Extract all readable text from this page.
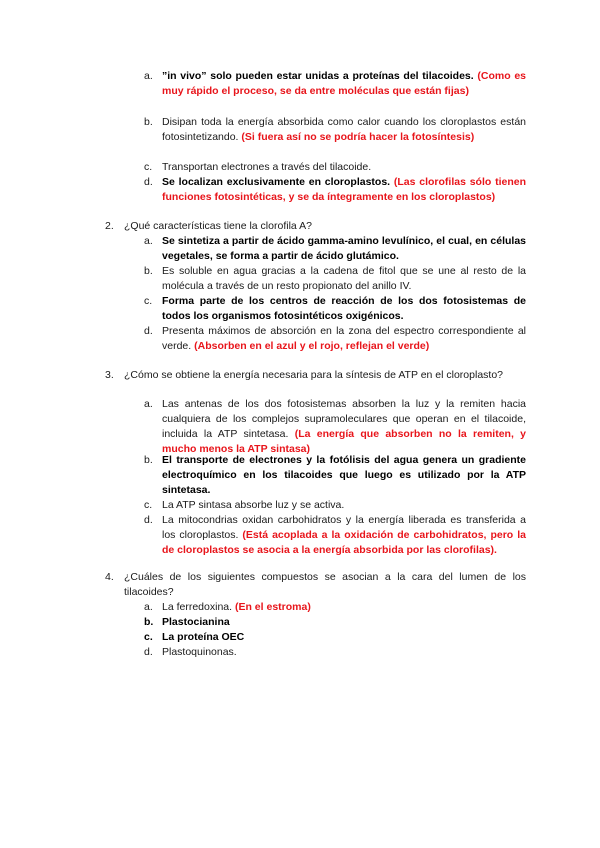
a. ”in vivo” solo pueden estar unidas a proteínas del tilacoides. (Como es muy rápido el proceso, se da entre moléculas que están fijas)
b. Disipan toda la energía absorbida como calor cuando los cloroplastos están fotosintetizando. (Si fuera así no se podría hacer la fotosíntesis)
c. Transportan electrones a través del tilacoide.
d. Se localizan exclusivamente en cloroplastos. (Las clorofilas sólo tienen funciones fotosintéticas, y se da íntegramente en los cloroplastos)
2. ¿Qué características tiene la clorofila A?
a. Se sintetiza a partir de ácido gamma-amino levulínico, el cual, en células vegetales, se forma a partir de ácido glutámico.
b. Es soluble en agua gracias a la cadena de fitol que se une al resto de la molécula a través de un resto propionato del anillo IV.
c. Forma parte de los centros de reacción de los dos fotosistemas de todos los organismos fotosintéticos oxigénicos.
d. Presenta máximos de absorción en la zona del espectro correspondiente al verde. (Absorben en el azul y el rojo, reflejan el verde)
3. ¿Cómo se obtiene la energía necesaria para la síntesis de ATP en el cloroplasto?
a. Las antenas de los dos fotosistemas absorben la luz y la remiten hacia cualquiera de los complejos supramoleculares que operan en el tilacoide, incluida la ATP sintetasa. (La energía que absorben no la remiten, y mucho menos la ATP sintasa)
b. El transporte de electrones y la fotólisis del agua genera un gradiente electroquímico en los tilacoides que luego es utilizado por la ATP sintetasa.
c. La ATP sintasa absorbe luz y se activa.
d. La mitocondrias oxidan carbohidratos y la energía liberada es transferida a los cloroplastos. (Está acoplada a la oxidación de carbohidratos, pero la de cloroplastos se asocia a la energía absorbida por las clorofilas).
4. ¿Cuáles de los siguientes compuestos se asocian a la cara del lumen de los tilacoides?
a. La ferredoxina. (En el estroma)
b. Plastocianina
c. La proteína OEC
d. Plastoquinonas.
